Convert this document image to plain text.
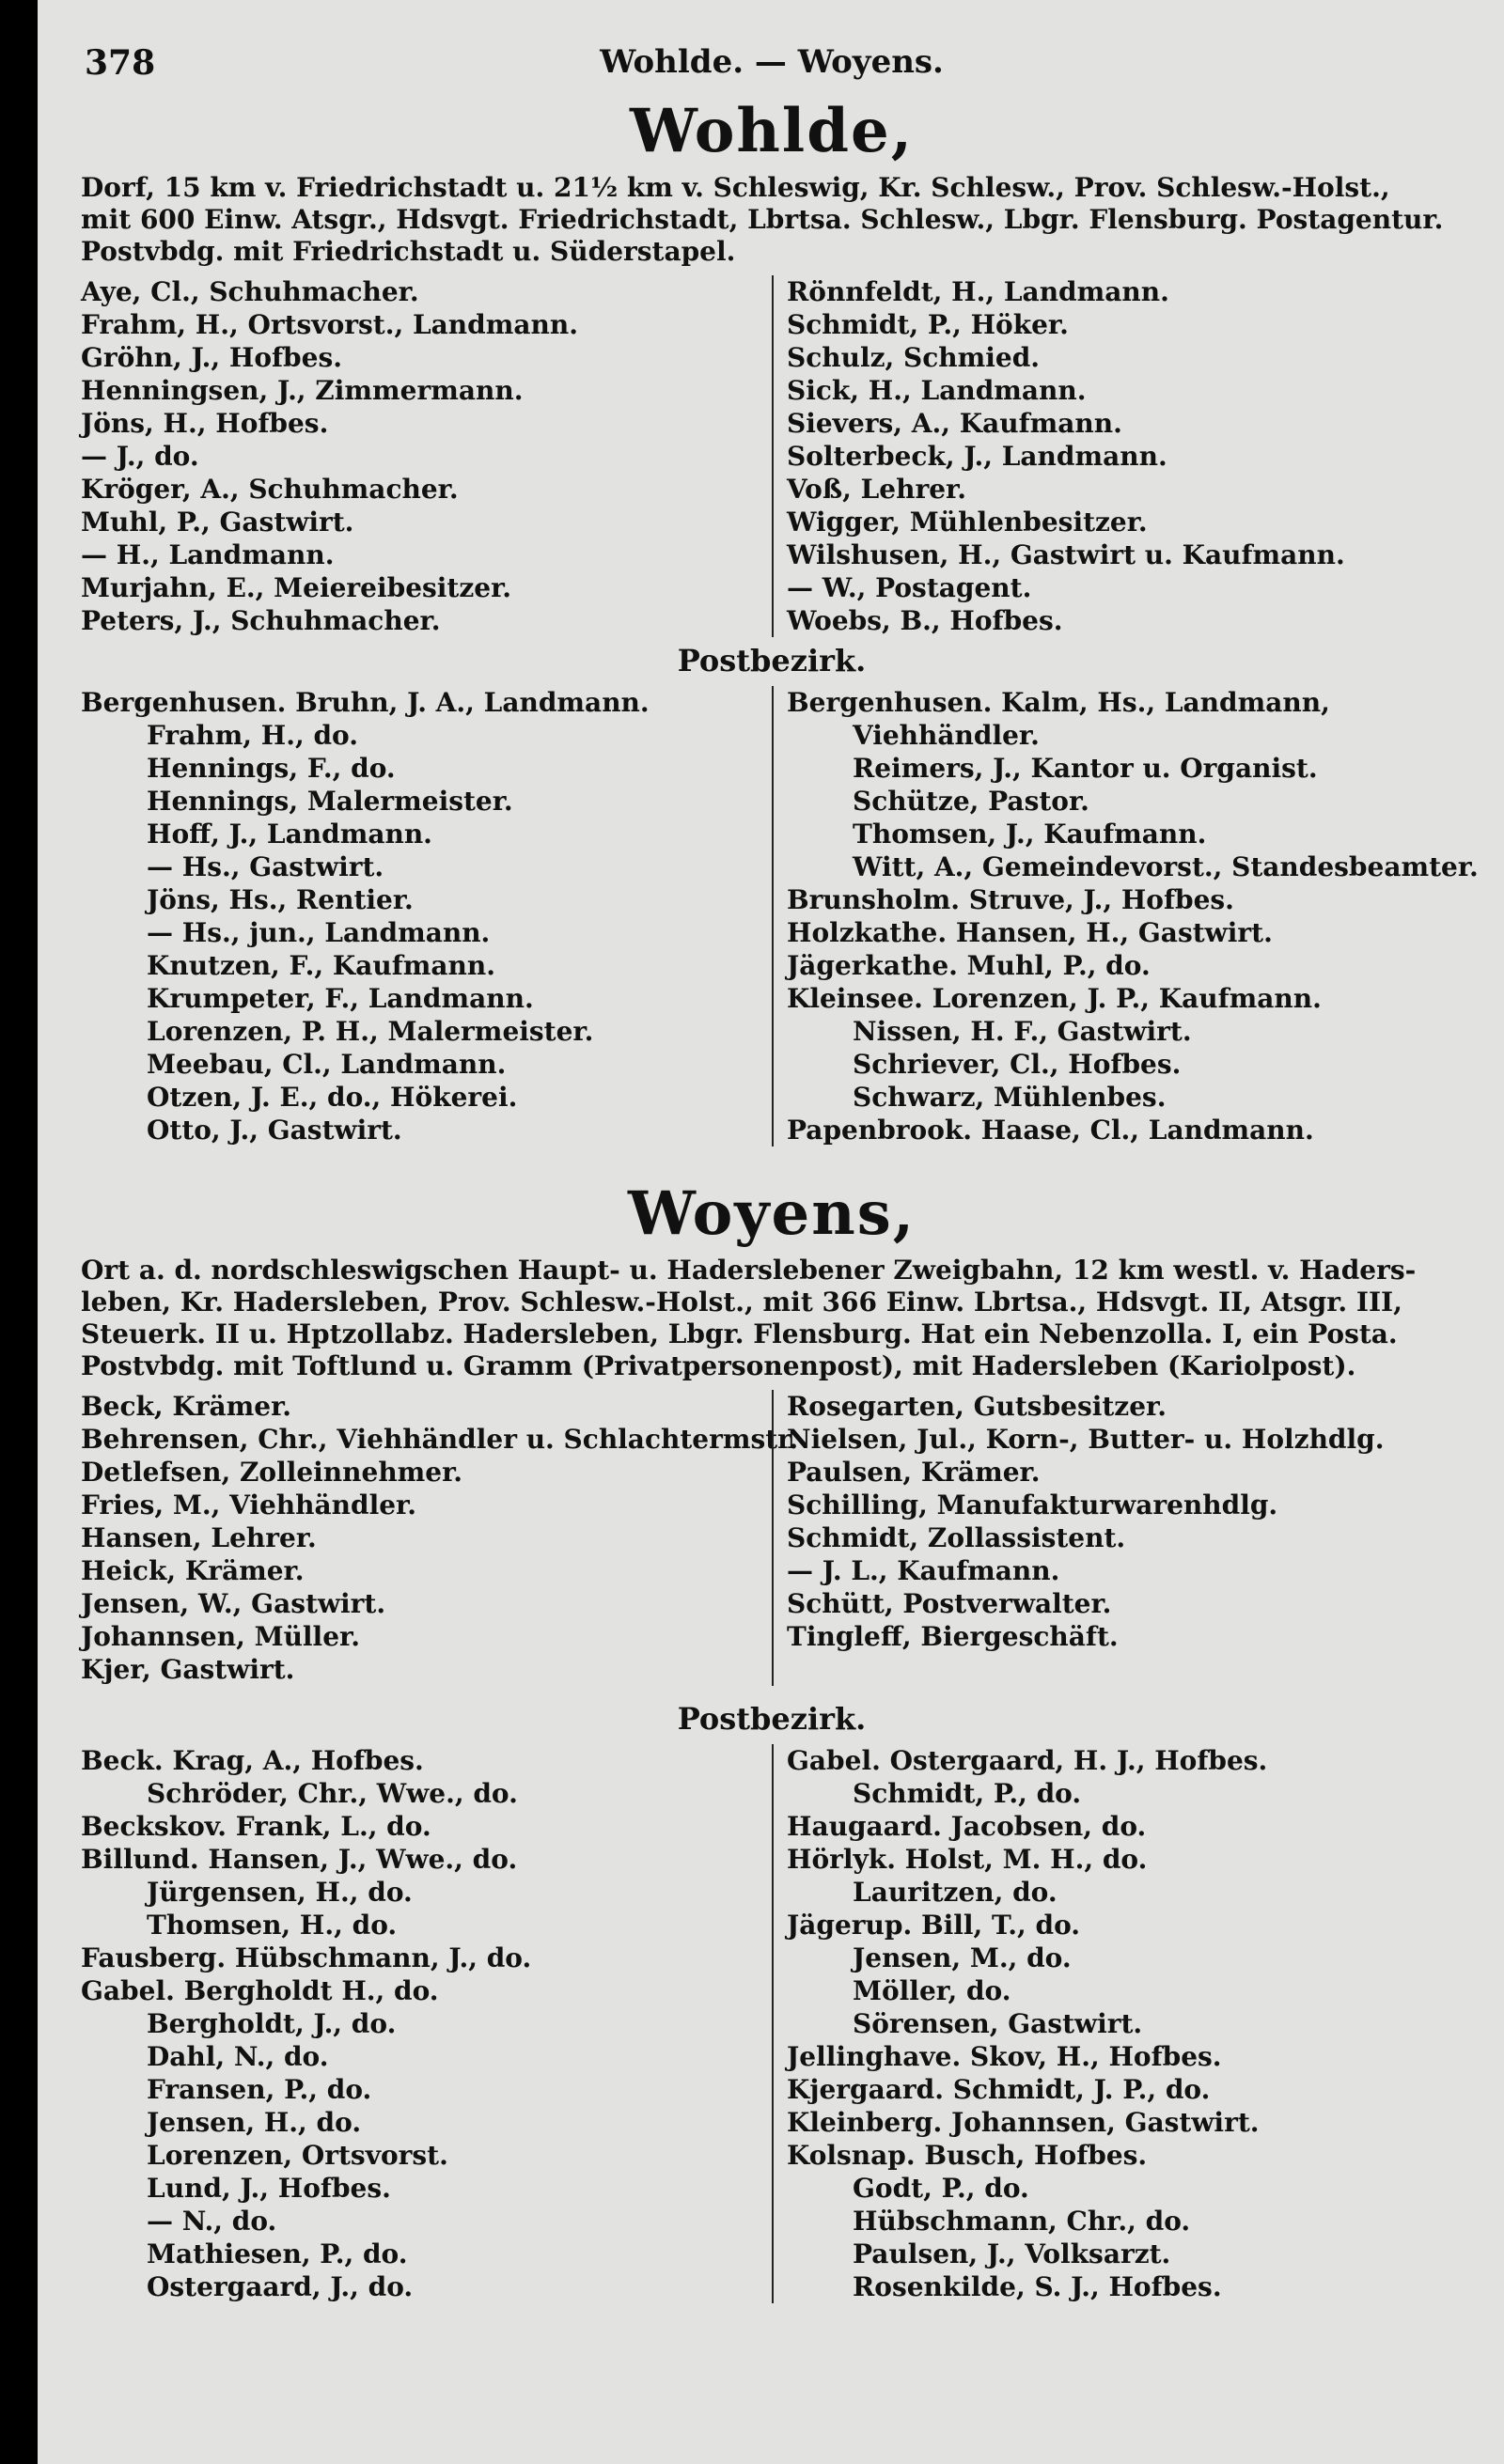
378	Wohlde. — Woyens.
Wohlde,

Dorf, 15 km v. Friedrichstadt u. 21½ km v. Schleswig, Kr. Schlesw., Prov. Schlesw.-Holst.,

mit 600 Einw. Atsgr., Hdsvgt. Friedrichstadt, Lbrtsa. Schlesw., Lbgr. Flensburg. Postagentur.

Postvbdg. mit Friedrichstadt u. Süderstapel.

Aye, Cl., Schuhmacher.
Frahm, H., Ortsvorst., Landmann.
Gröhn, J., Hofbes.
Henningsen, J., Zimmermann.
Jöns, H., Hofbes.
— J., do.
Kröger, A., Schuhmacher.
Muhl, P., Gastwirt.
— H., Landmann.
Murjahn, E., Meiereibesitzer.
Peters, J., Schuhmacher.
Rönnfeldt, H., Landmann.
Schmidt, P., Höker.
Schulz, Schmied.
Sick, H., Landmann.
Sievers, A., Kaufmann.
Solterbeck, J., Landmann.
Voß, Lehrer.
Wigger, Mühlenbesitzer.
Wilshusen, H., Gastwirt u. Kaufmann.
— W., Postagent.
Woebs, B., Hofbes.
Postbezirk.
Bergenhusen. Bruhn, J. A., Landmann.
Frahm, H., do.
Hennings, F., do.
Hennings, Malermeister.
Hoff, J., Landmann.
— Hs., Gastwirt.
Jöns, Hs., Rentier.
— Hs., jun., Landmann.
Knutzen, F., Kaufmann.
Krumpeter, F., Landmann.
Lorenzen, P. H., Malermeister.
Meebau, Cl., Landmann.
Otzen, J. E., do., Hökerei.
Otto, J., Gastwirt.
Bergenhusen. Kalm, Hs., Landmann, Viehhändler.
Reimers, J., Kantor u. Organist.
Schütze, Pastor.
Thomsen, J., Kaufmann.
Witt, A., Gemeindevorst., Standesbeamter.
Brunsholm. Struve, J., Hofbes.
Holzkathe. Hansen, H., Gastwirt.
Jägerkathe. Muhl, P., do.
Kleinsee. Lorenzen, J. P., Kaufmann.
Nissen, H. F., Gastwirt.
Schriever, Cl., Hofbes.
Schwarz, Mühlenbes.
Papenbrook. Haase, Cl., Landmann.
Woyens,

Ort a. d. nordschleswigschen Haupt- u. Haderslebener Zweigbahn, 12 km westl. v. Haders-

leben, Kr. Hadersleben, Prov. Schlesw.-Holst., mit 366 Einw. Lbrtsa., Hdsvgt. II, Atsgr. III,

Steuerk. II u. Hptzollabz. Hadersleben, Lbgr. Flensburg. Hat ein Nebenzolla. I, ein Posta.

Postvbdg. mit Toftlund u. Gramm (Privatpersonenpost), mit Hadersleben (Kariolpost).

Beck, Krämer.
Behrensen, Chr., Viehhändler u. Schlachtermstr.
Detlefsen, Zolleinnehmer.
Fries, M., Viehhändler.
Hansen, Lehrer.
Heick, Krämer.
Jensen, W., Gastwirt.
Johannsen, Müller.
Kjer, Gastwirt.
Rosegarten, Gutsbesitzer.
Nielsen, Jul., Korn-, Butter- u. Holzhdlg.
Paulsen, Krämer.
Schilling, Manufakturwarenhdlg.
Schmidt, Zollassistent.
— J. L., Kaufmann.
Schütt, Postverwalter.
Tingleff, Biergeschäft.
Postbezirk.
Beck. Krag, A., Hofbes.
Schröder, Chr., Wwe., do.
Beckskov. Frank, L., do.
Billund. Hansen, J., Wwe., do.
Jürgensen, H., do.
Thomsen, H., do.
Fausberg. Hübschmann, J., do.
Gabel. Bergholdt H., do.
Bergholdt, J., do.
Dahl, N., do.
Fransen, P., do.
Jensen, H., do.
Lorenzen, Ortsvorst.
Lund, J., Hofbes.
— N., do.
Mathiesen, P., do.
Ostergaard, J., do.
Gabel. Ostergaard, H. J., Hofbes.
Schmidt, P., do.
Haugaard. Jacobsen, do.
Hörlyk. Holst, M. H., do.
Lauritzen, do.
Jägerup. Bill, T., do.
Jensen, M., do.
Möller, do.
Sörensen, Gastwirt.
Jellinghave. Skov, H., Hofbes.
Kjergaard. Schmidt, J. P., do.
Kleinberg. Johannsen, Gastwirt.
Kolsnap. Busch, Hofbes.
Godt, P., do.
Hübschmann, Chr., do.
Paulsen, J., Volksarzt.
Rosenkilde, S. J., Hofbes.
